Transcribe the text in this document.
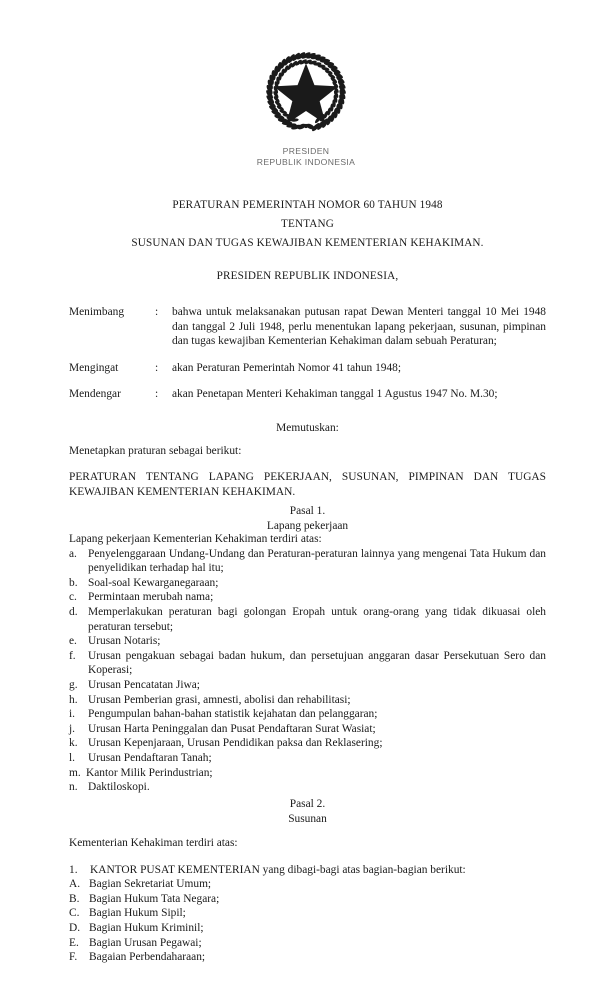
PRESIDEN
REPUBLIK INDONESIA
PERATURAN PEMERINTAH NOMOR 60 TAHUN 1948
TENTANG
SUSUNAN DAN TUGAS KEWAJIBAN KEMENTERIAN KEHAKIMAN.
PRESIDEN REPUBLIK INDONESIA,
Menimbang	:	bahwa untuk melaksanakan putusan rapat Dewan Menteri tanggal 10 Mei 1948 dan tanggal 2 Juli 1948, perlu menentukan lapang pekerjaan, susunan, pimpinan dan tugas kewajiban Kementerian Kehakiman dalam sebuah Peraturan;
Mengingat	:	akan Peraturan Pemerintah Nomor 41 tahun 1948;
Mendengar	:	akan Penetapan Menteri Kehakiman tanggal 1 Agustus 1947 No. M.30;
Memutuskan:
Menetapkan praturan sebagai berikut:
PERATURAN TENTANG LAPANG PEKERJAAN, SUSUNAN, PIMPINAN DAN TUGAS KEWAJIBAN KEMENTERIAN KEHAKIMAN.
Pasal 1.
Lapang pekerjaan
Lapang pekerjaan Kementerian Kehakiman terdiri atas:
a. Penyelenggaraan Undang-Undang dan Peraturan-peraturan lainnya yang mengenai Tata Hukum dan penyelidikan terhadap hal itu;
b. Soal-soal Kewarganegaraan;
c. Permintaan merubah nama;
d. Memperlakukan peraturan bagi golongan Eropah untuk orang-orang yang tidak dikuasai oleh peraturan tersebut;
e. Urusan Notaris;
f.	Urusan pengakuan sebagai badan hukum, dan persetujuan anggaran dasar Persekutuan Sero dan Koperasi;
g. Urusan Pencatatan Jiwa;
h. Urusan Pemberian grasi, amnesti, abolisi dan rehabilitasi;
i.	Pengumpulan bahan-bahan statistik kejahatan dan pelanggaran;
j.	Urusan Harta Peninggalan dan Pusat Pendaftaran Surat Wasiat;
k. Urusan Kepenjaraan, Urusan Pendidikan paksa dan Reklasering;
l.	Urusan Pendaftaran Tanah;
m. Kantor Milik Perindustrian;
n. Daktiloskopi.
Pasal 2.
Susunan
Kementerian Kehakiman terdiri atas:
1.	KANTOR PUSAT KEMENTERIAN yang dibagi-bagi atas bagian-bagian berikut:
A. Bagian Sekretariat Umum;
B. Bagian Hukum Tata Negara;
C. Bagian Hukum Sipil;
D. Bagian Hukum Kriminil;
E. Bagian Urusan Pegawai;
F.	Bagaian Perbendaharaan;
